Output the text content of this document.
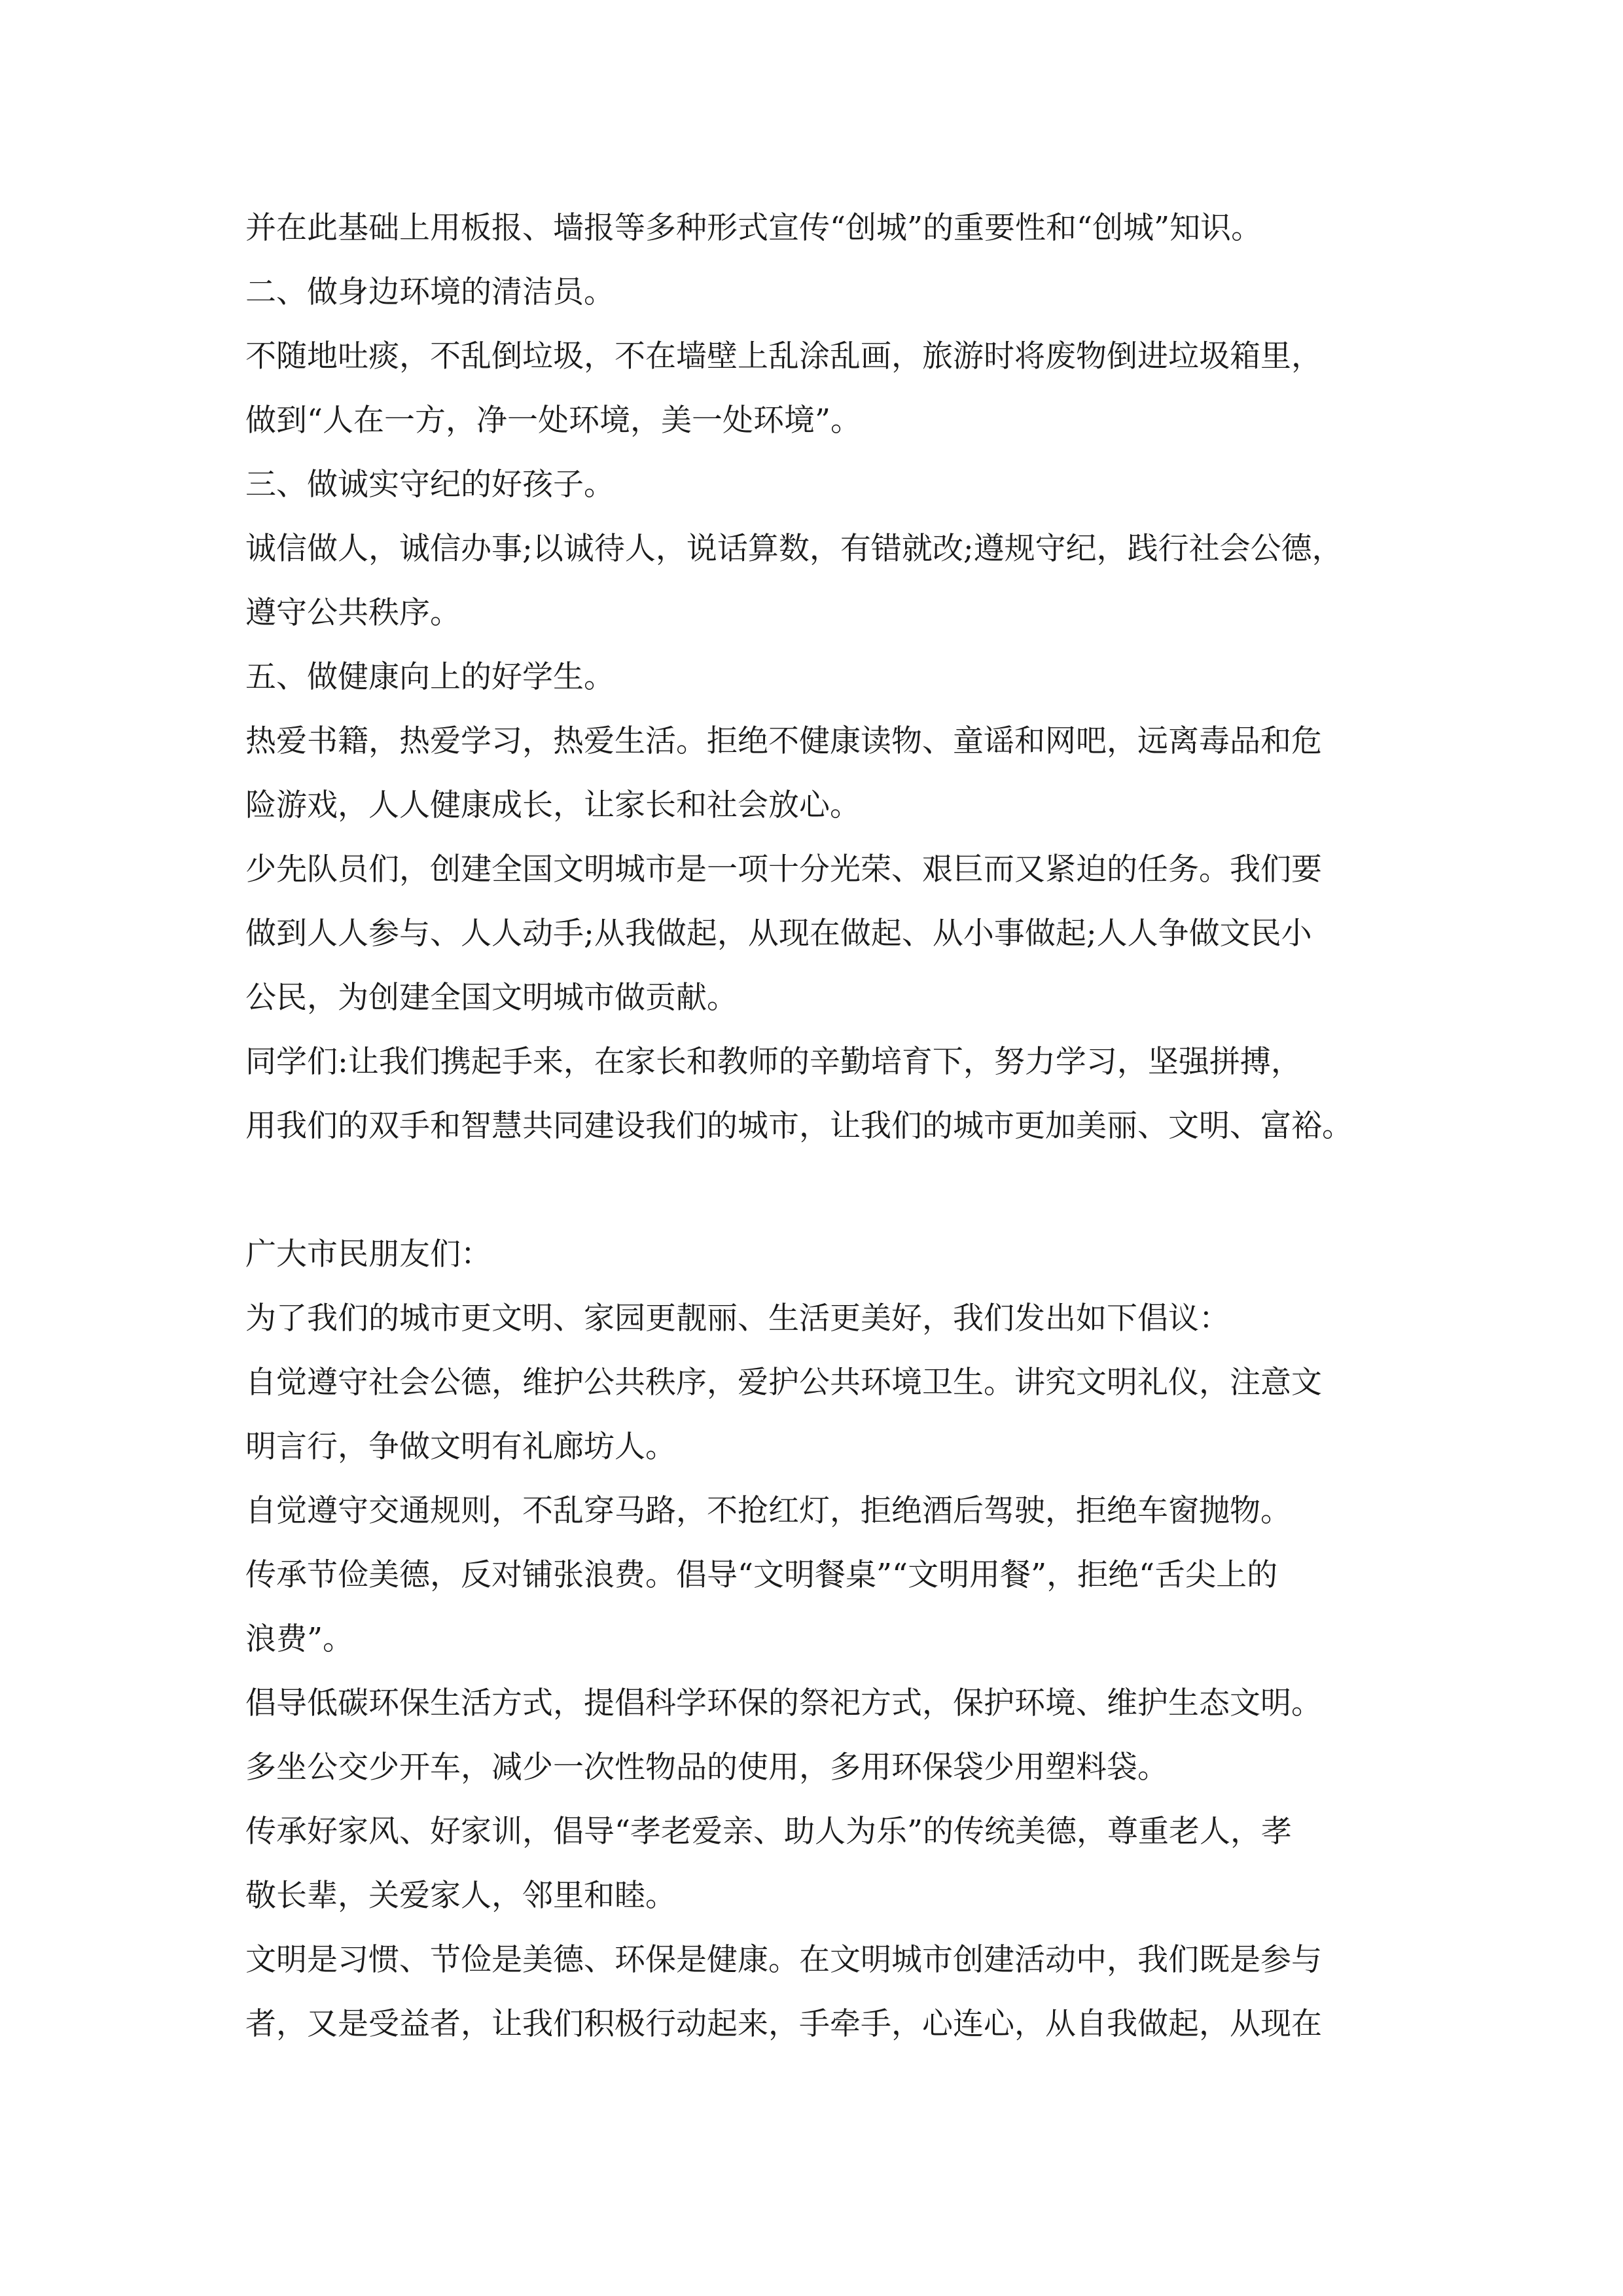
并在此基础上用板报、墙报等多种形式宣传“创城”的重要性和“创城”知识。
二、做身边环境的清洁员。
不随地吐痰，不乱倒垃圾，不在墙壁上乱涂乱画，旅游时将废物倒进垃圾箱里，
做到“人在一方，净一处环境，美一处环境”。
三、做诚实守纪的好孩子。
诚信做人，诚信办事;以诚待人，说话算数，有错就改;遵规守纪，践行社会公德，
遵守公共秩序。
五、做健康向上的好学生。
热爱书籍，热爱学习，热爱生活。拒绝不健康读物、童谣和网吧，远离毒品和危
险游戏，人人健康成长，让家长和社会放心。
少先队员们，创建全国文明城市是一项十分光荣、艰巨而又紧迫的任务。我们要
做到人人参与、人人动手;从我做起，从现在做起、从小事做起;人人争做文民小
公民，为创建全国文明城市做贡献。
同学们:让我们携起手来，在家长和教师的辛勤培育下，努力学习，坚强拼搏，
用我们的双手和智慧共同建设我们的城市，让我们的城市更加美丽、文明、富裕。
广大市民朋友们：
为了我们的城市更文明、家园更靓丽、生活更美好，我们发出如下倡议：
自觉遵守社会公德，维护公共秩序，爱护公共环境卫生。讲究文明礼仪，注意文
明言行，争做文明有礼廊坊人。
自觉遵守交通规则，不乱穿马路，不抢红灯，拒绝酒后驾驶，拒绝车窗抛物。
传承节俭美德，反对铺张浪费。倡导“文明餐桌”“文明用餐”，拒绝“舌尖上的
浪费”。
倡导低碳环保生活方式，提倡科学环保的祭祀方式，保护环境、维护生态文明。
多坐公交少开车，减少一次性物品的使用，多用环保袋少用塑料袋。
传承好家风、好家训，倡导“孝老爱亲、助人为乐”的传统美德，尊重老人，孝
敬长辈，关爱家人，邻里和睦。
文明是习惯、节俭是美德、环保是健康。在文明城市创建活动中，我们既是参与
者，又是受益者，让我们积极行动起来，手牵手，心连心，从自我做起，从现在
